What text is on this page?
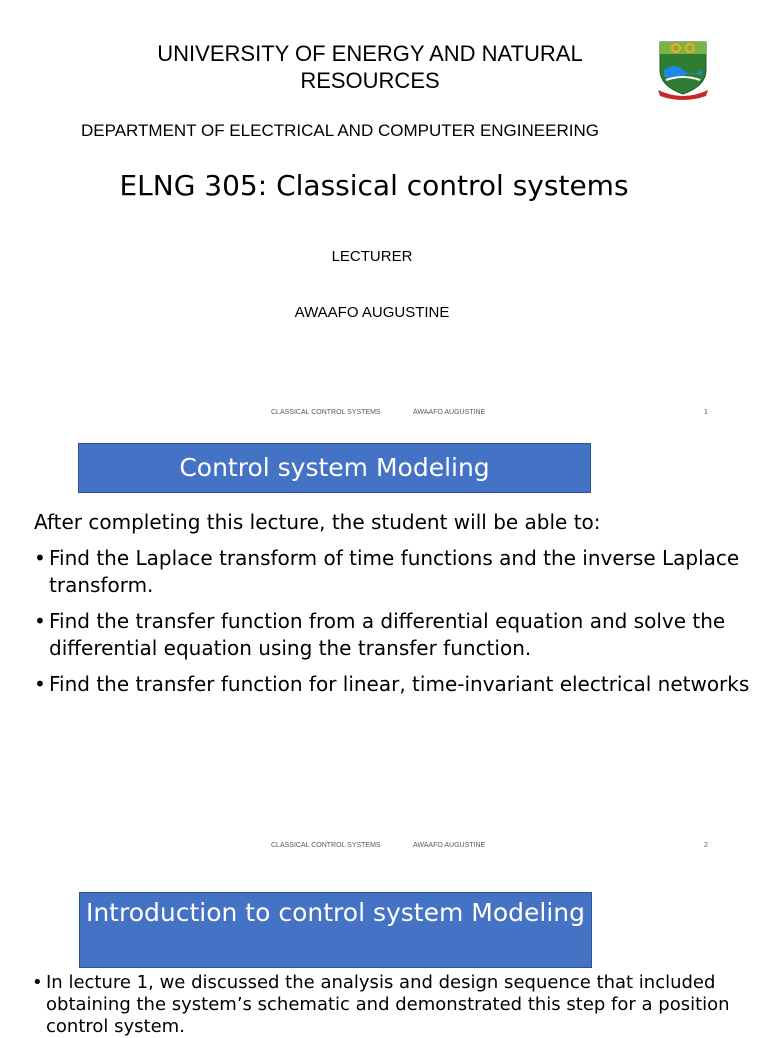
UNIVERSITY OF ENERGY AND NATURAL RESOURCES
DEPARTMENT OF ELECTRICAL AND COMPUTER ENGINEERING
ELNG 305: Classical control systems
LECTURER
AWAAFO AUGUSTINE
CLASSICAL CONTROL SYSTEMS	AWAAFO AUGUSTINE	1
Control system Modeling
After completing this lecture, the student will be able to:
• Find the Laplace transform of time functions and the inverse Laplace transform.
• Find the transfer function from a differential equation and solve the differential equation using the transfer function.
• Find the transfer function for linear, time-invariant electrical networks
CLASSICAL CONTROL SYSTEMS	AWAAFO AUGUSTINE	2
Introduction to control system Modeling
• In lecture 1, we discussed the analysis and design sequence that included obtaining the system’s schematic and demonstrated this step for a position control system.
